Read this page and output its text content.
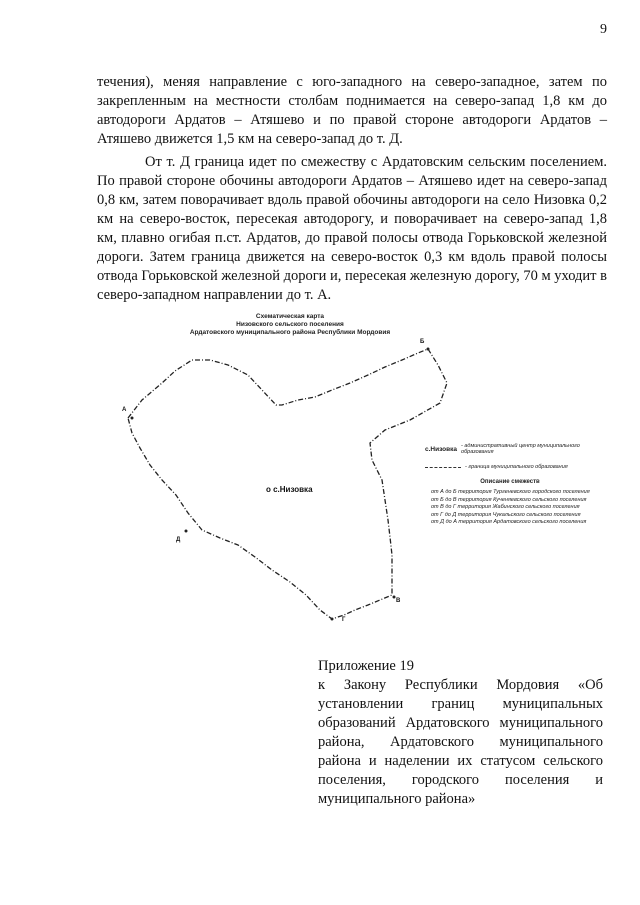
9

течения), меняя направление с юго-западного на северо-западное, затем по закрепленным на местности столбам поднимается на северо-запад 1,8 км до автодороги Ардатов – Атяшево и по правой стороне автодороги Ардатов – Атяшево движется 1,5 км на северо-запад до т. Д.

От т. Д граница идет по смежеству с Ардатовским сельским поселением. По правой стороне обочины автодороги Ардатов – Атяшево идет на северо-запад 0,8 км, затем поворачивает вдоль правой обочины автодороги на село Низовка 0,2 км на северо-восток, пересекая автодорогу, и поворачивает на северо-запад 1,8 км, плавно огибая п.ст. Ардатов, до правой полосы отвода Горьковской железной дороги. Затем граница движется на северо-восток 0,3 км вдоль правой полосы отвода Горьковской железной дороги и, пересекая железную дорогу, 70 м уходит в северо-западном направлении до т. А.

Схематическая карта
Низовского сельского поселения
Ардатовского муниципального района Республики Мордовия
о с.Низовка
А
Б
В
Г
Д
с.Низовка - административный центр муниципального образования
- граница муниципального образования
Описание смежеств
от А до Б территория Тургеневского городского поселения
от Б до В территория Кученяевского сельского поселения
от В до Г территория Жабинского сельского поселения
от Г до Д территория Чукальского сельского поселения
от Д до А территория Ардатовского сельского поселения
Приложение 19
к Закону Республики Мордовия «Об установлении границ муниципальных образований Ардатовского муниципального района, Ардатовского муниципального района и наделении их статусом сельского поселения, городского поселения и муниципального района»
